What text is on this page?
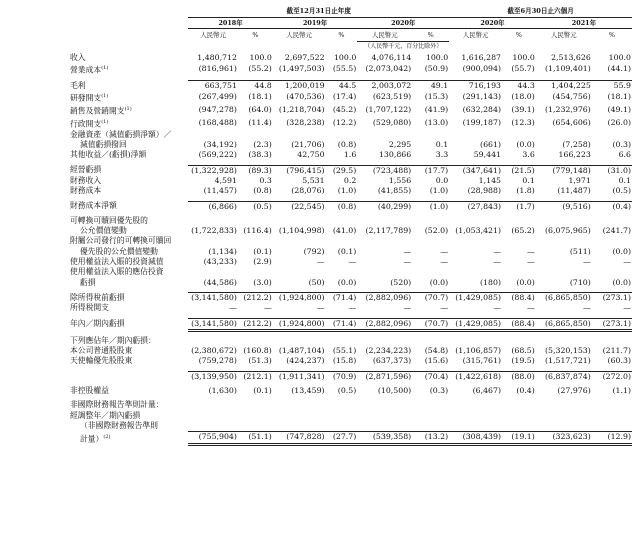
	截至12月31日止年度						截至6月30日止六個月			
	2018年		2019年		2020年		2020年		2021年	
	人民幣元	%	人民幣元	%	人民幣元	%	人民幣元	%	人民幣元	%
					（人民幣千元，百分比除外）					
收入	1,480,712	100.0	2,697,522	100.0	4,076,114	100.0	1,616,287	100.0	2,513,626	100.0
營業成本$^{(1)}$	(816,961)	(55.2)	(1,497,503)	(55.5)	(2,073,042)	(50.9)	(900,094)	(55.7)	(1,109,401)	(44.1)

毛利	663,751	44.8	1,200,019	44.5	2,003,072	49.1	716,193	44.3	1,404,225	55.9
研發開支$^{(1)}$	(267,499)	(18.1)	(470,536)	(17.4)	(623,519)	(15.3)	(291,143)	(18.0)	(454,756)	(18.1)
銷售及營銷開支$^{(1)}$	(947,278)	(64.0)	(1,218,704)	(45.2)	(1,707,122)	(41.9)	(632,284)	(39.1)	(1,232,976)	(49.1)
行政開支$^{(1)}$	(168,488)	(11.4)	(328,238)	(12.2)	(529,080)	(13.0)	(199,187)	(12.3)	(654,606)	(26.0)
金融資產（減值虧損淨額）／										
減值虧損撥回	(34,192)	(2.3)	(21,706)	(0.8)	2,295	0.1	(661)	(0.0)	(7,258)	(0.3)
其他收益／(虧損)淨額	(569,222)	(38.3)	42,750	1.6	130,866	3.3	59,441	3.6	166,223	6.6

經營虧損	(1,322,928)	(89.3)	(796,415)	(29.5)	(723,488)	(17.7)	(347,641)	(21.5)	(779,148)	(31.0)
財務收入	4,591	0.3	5,531	0.2	1,556	0.0	1,145	0.1	1,971	0.1
財務成本	(11,457)	(0.8)	(28,076)	(1.0)	(41,855)	(1.0)	(28,988)	(1.8)	(11,487)	(0.5)

財務成本淨額	(6,866)	(0.5)	(22,545)	(0.8)	(40,299)	(1.0)	(27,843)	(1.7)	(9,516)	(0.4)

可轉換可贖回優先股的										
公允價值變動	(1,722,833)	(116.4)	(1,104,998)	(41.0)	(2,117,789)	(52.0)	(1,053,421)	(65.2)	(6,075,965)	(241.7)
附屬公司發行的可轉換可贖回										
優先股的公允價值變動	(1,134)	(0.1)	(792)	(0.1)	—	—	—	—	(511)	(0.0)
使用權益法入賬的投資減值	(43,233)	(2.9)	—	—	—	—	—	—	—	—
使用權益法入賬的應佔投資										
虧損	(44,586)	(3.0)	(50)	(0.0)	(520)	(0.0)	(180)	(0.0)	(710)	(0.0)

除所得稅前虧損	(3,141,580)	(212.2)	(1,924,800)	(71.4)	(2,882,096)	(70.7)	(1,429,085)	(88.4)	(6,865,850)	(273.1)
所得稅開支	—	—	—	—	—	—	—	—	—	—

年內／期內虧損	(3,141,580)	(212.2)	(1,924,800)	(71.4)	(2,882,096)	(70.7)	(1,429,085)	(88.4)	(6,865,850)	(273.1)

下列應佔年／期內虧損：										
本公司普通股股東	(2,380,672)	(160.8)	(1,487,104)	(55.1)	(2,234,223)	(54.8)	(1,106,857)	(68.5)	(5,320,153)	(211.7)
天使輪優先股股東	(759,278)	(51.3)	(424,237)	(15.8)	(637,373)	(15.6)	(315,761)	(19.5)	(1,517,721)	(60.3)

	(3,139,950)	(212.1)	(1,911,341)	(70.9)	(2,871,596)	(70.4)	(1,422,618)	(88.0)	(6,837,874)	(272.0)

非控股權益	(1,630)	(0.1)	(13,459)	(0.5)	(10,500)	(0.3)	(6,467)	(0.4)	(27,976)	(1.1)

非國際財務報告準則計量：										
經調整年／期內虧損										
（非國際財務報告準則										
計量）$^{(2)}$	(755,904)	(51.1)	(747,828)	(27.7)	(539,358)	(13.2)	(308,439)	(19.1)	(323,623)	(12.9)
